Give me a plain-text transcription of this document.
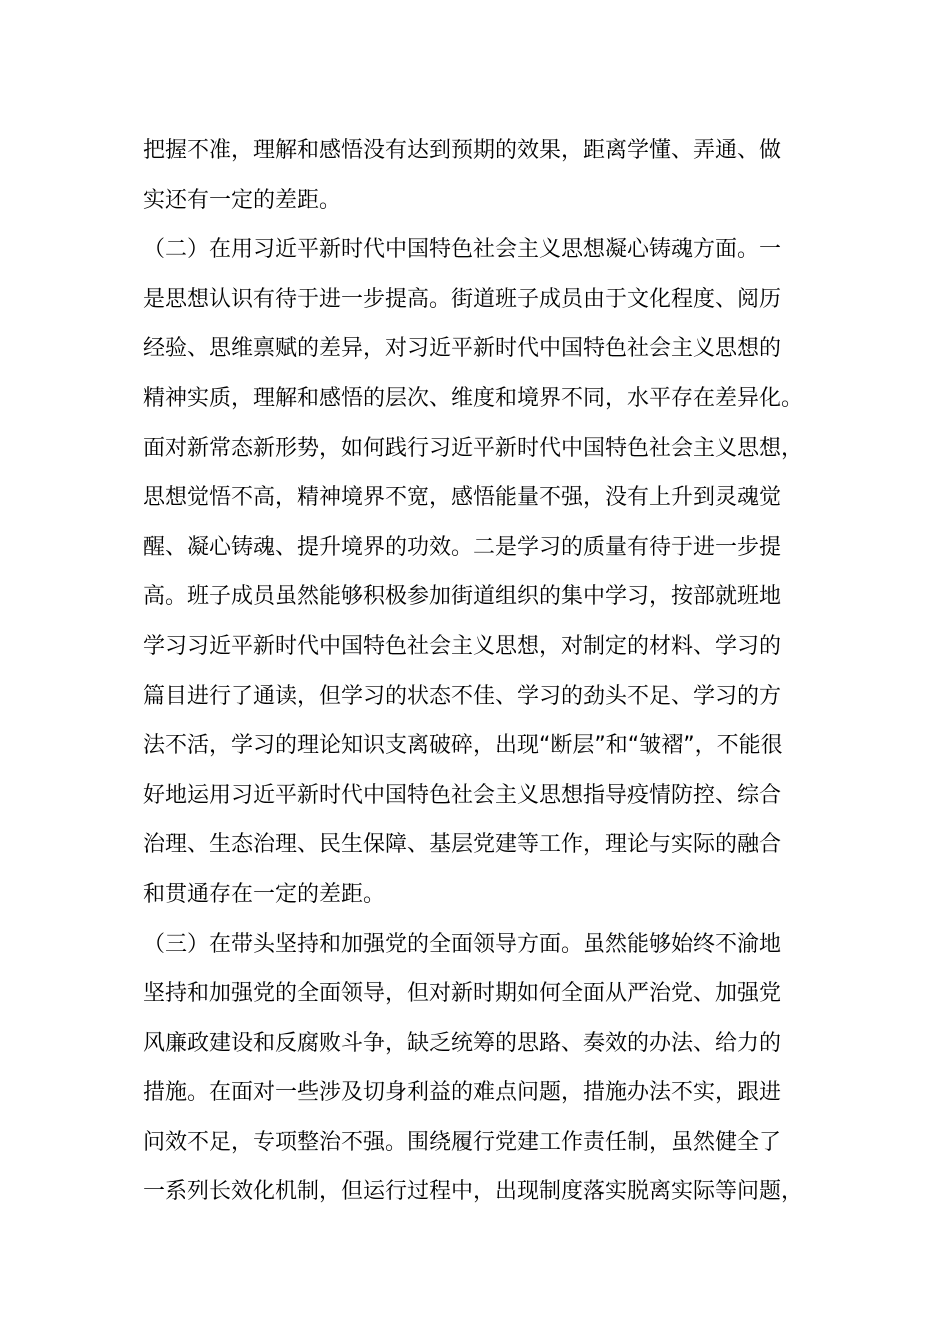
把握不准，理解和感悟没有达到预期的效果，距离学懂、弄通、做
实还有一定的差距。
（二）在用习近平新时代中国特色社会主义思想凝心铸魂方面。一
是思想认识有待于进一步提高。街道班子成员由于文化程度、阅历
经验、思维禀赋的差异，对习近平新时代中国特色社会主义思想的
精神实质，理解和感悟的层次、维度和境界不同，水平存在差异化。
面对新常态新形势，如何践行习近平新时代中国特色社会主义思想，
思想觉悟不高，精神境界不宽，感悟能量不强，没有上升到灵魂觉
醒、凝心铸魂、提升境界的功效。二是学习的质量有待于进一步提
高。班子成员虽然能够积极参加街道组织的集中学习，按部就班地
学习习近平新时代中国特色社会主义思想，对制定的材料、学习的
篇目进行了通读，但学习的状态不佳、学习的劲头不足、学习的方
法不活，学习的理论知识支离破碎，出现“断层”和“皱褶”，不能很
好地运用习近平新时代中国特色社会主义思想指导疫情防控、综合
治理、生态治理、民生保障、基层党建等工作，理论与实际的融合
和贯通存在一定的差距。
（三）在带头坚持和加强党的全面领导方面。虽然能够始终不渝地
坚持和加强党的全面领导，但对新时期如何全面从严治党、加强党
风廉政建设和反腐败斗争，缺乏统筹的思路、奏效的办法、给力的
措施。在面对一些涉及切身利益的难点问题，措施办法不实，跟进
问效不足，专项整治不强。围绕履行党建工作责任制，虽然健全了
一系列长效化机制，但运行过程中，出现制度落实脱离实际等问题，
